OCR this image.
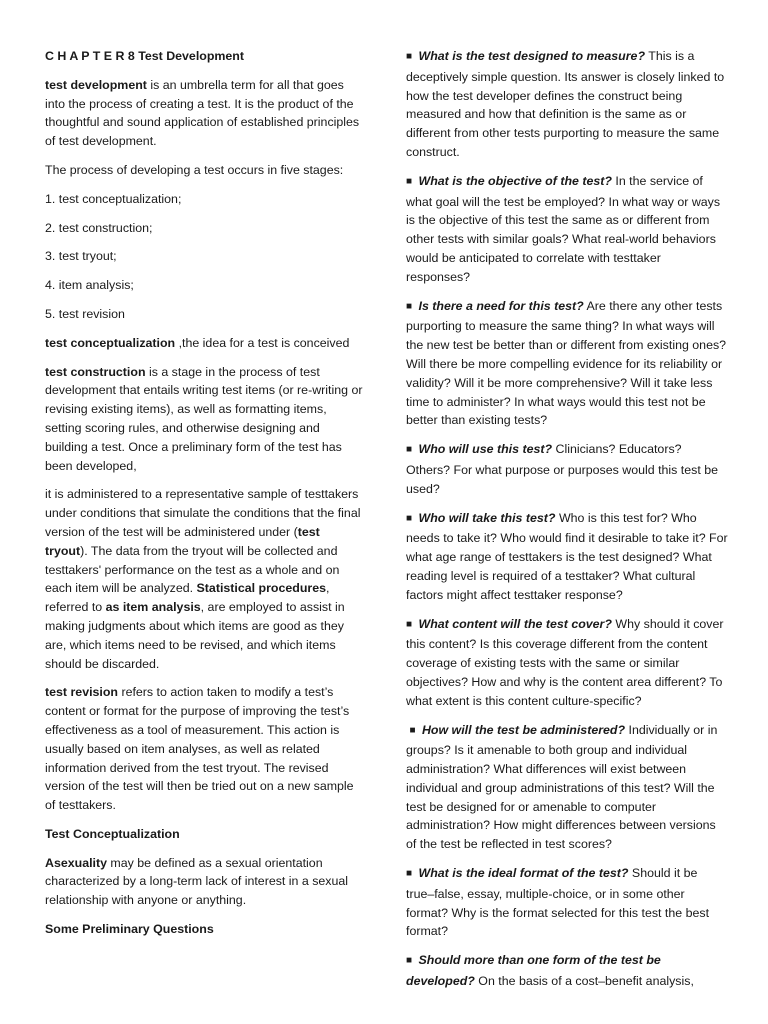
C H A P T E R 8 Test Development

test development is an umbrella term for all that goes into the process of creating a test. It is the product of the thoughtful and sound application of established principles of test development.

The process of developing a test occurs in five stages:

1. test conceptualization;

2. test construction;

3. test tryout;

4. item analysis;

5. test revision

test conceptualization ,the idea for a test is conceived

test construction is a stage in the process of test development that entails writing test items (or re-writing or revising existing items), as well as formatting items, setting scoring rules, and otherwise designing and building a test. Once a preliminary form of the test has been developed,

it is administered to a representative sample of testtakers under conditions that simulate the conditions that the final version of the test will be administered under (test tryout). The data from the tryout will be collected and testtakers' performance on the test as a whole and on each item will be analyzed. Statistical procedures, referred to as item analysis, are employed to assist in making judgments about which items are good as they are, which items need to be revised, and which items should be discarded.

test revision refers to action taken to modify a test’s content or format for the purpose of improving the test’s effectiveness as a tool of measurement. This action is usually based on item analyses, as well as related information derived from the test tryout. The revised version of the test will then be tried out on a new sample of testtakers.

Test Conceptualization

Asexuality may be defined as a sexual orientation characterized by a long-term lack of interest in a sexual relationship with anyone or anything.

Some Preliminary Questions

■ What is the test designed to measure? This is a deceptively simple question. Its answer is closely linked to how the test developer defines the construct being measured and how that definition is the same as or different from other tests purporting to measure the same construct.

■ What is the objective of the test? In the service of what goal will the test be employed? In what way or ways is the objective of this test the same as or different from other tests with similar goals? What real-world behaviors would be anticipated to correlate with testtaker responses?

■ Is there a need for this test? Are there any other tests purporting to measure the same thing? In what ways will the new test be better than or different from existing ones? Will there be more compelling evidence for its reliability or validity? Will it be more comprehensive? Will it take less time to administer? In what ways would this test not be better than existing tests?

■ Who will use this test? Clinicians? Educators? Others? For what purpose or purposes would this test be used?

■ Who will take this test? Who is this test for? Who needs to take it? Who would find it desirable to take it? For what age range of testtakers is the test designed? What reading level is required of a testtaker? What cultural factors might affect testtaker response?

■ What content will the test cover? Why should it cover this content? Is this coverage different from the content coverage of existing tests with the same or similar objectives? How and why is the content area different? To what extent is this content culture-specific?

■ How will the test be administered? Individually or in groups? Is it amenable to both group and individual administration? What differences will exist between individual and group administrations of this test? Will the test be designed for or amenable to computer administration? How might differences between versions of the test be reflected in test scores?

■ What is the ideal format of the test? Should it be true–false, essay, multiple-choice, or in some other format? Why is the format selected for this test the best format?

■ Should more than one form of the test be developed? On the basis of a cost–benefit analysis,
